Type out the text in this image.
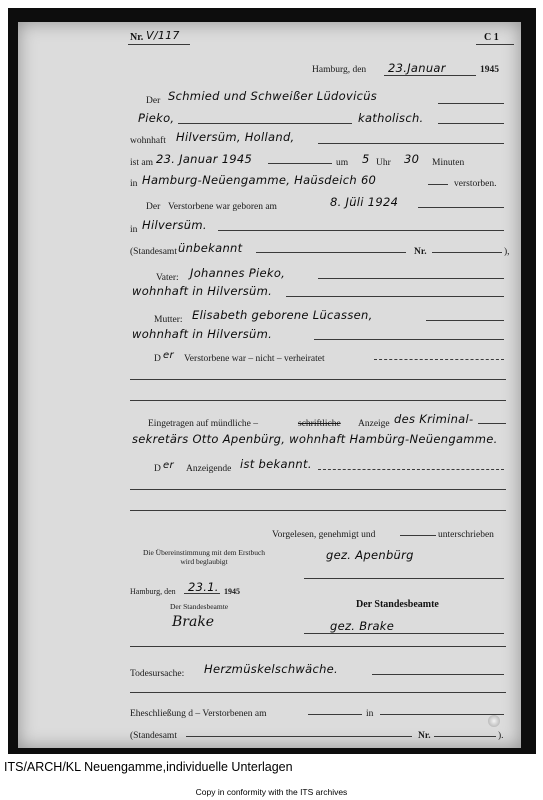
Nr. V/117	C 1
Hamburg, den 23.Januar	1945
Der Schmied und Schweißer Lüdovicüs
Pieko,	katholisch.
wohnhaft Hilversüm, Holland,
ist am 23. Januar 1945	um 5 Uhr 30 Minuten
in Hamburg-Neüengamme, Haüsdeich 60	verstorben.
Der Verstorbene war geboren am	8. Jüli 1924
in Hilversüm.
(Standesamt ünbekannt	Nr.	),
Vater: Johannes Pieko,
wohnhaft in Hilversüm.
Mutter: Elisabeth geborene Lücassen,
wohnhaft in Hilversüm.
D er Verstorbene war – nicht – verheiratet
Eingetragen auf mündliche –	schriftliche Anzeige des Kriminal-
sekretärs Otto Apenbürg, wohnhaft Hambürg-Neüengamme.
D er Anzeigende ist bekannt.
Vorgelesen, genehmigt und	unterschrieben
Die Übereinstimmung mit dem Erstbuch wird beglaubigt	gez. Apenbürg
Hamburg, den 23.1. 1945
Der Standesbeamte	Der Standesbeamte
Brake	gez. Brake
Todesursache: Herzmüskelschwäche.
Eheschließung d – Verstorbenen am	in
(Standesamt	Nr.	).
ITS/ARCH/KL Neuengamme,individuelle Unterlagen
Copy in conformity with the ITS archives
